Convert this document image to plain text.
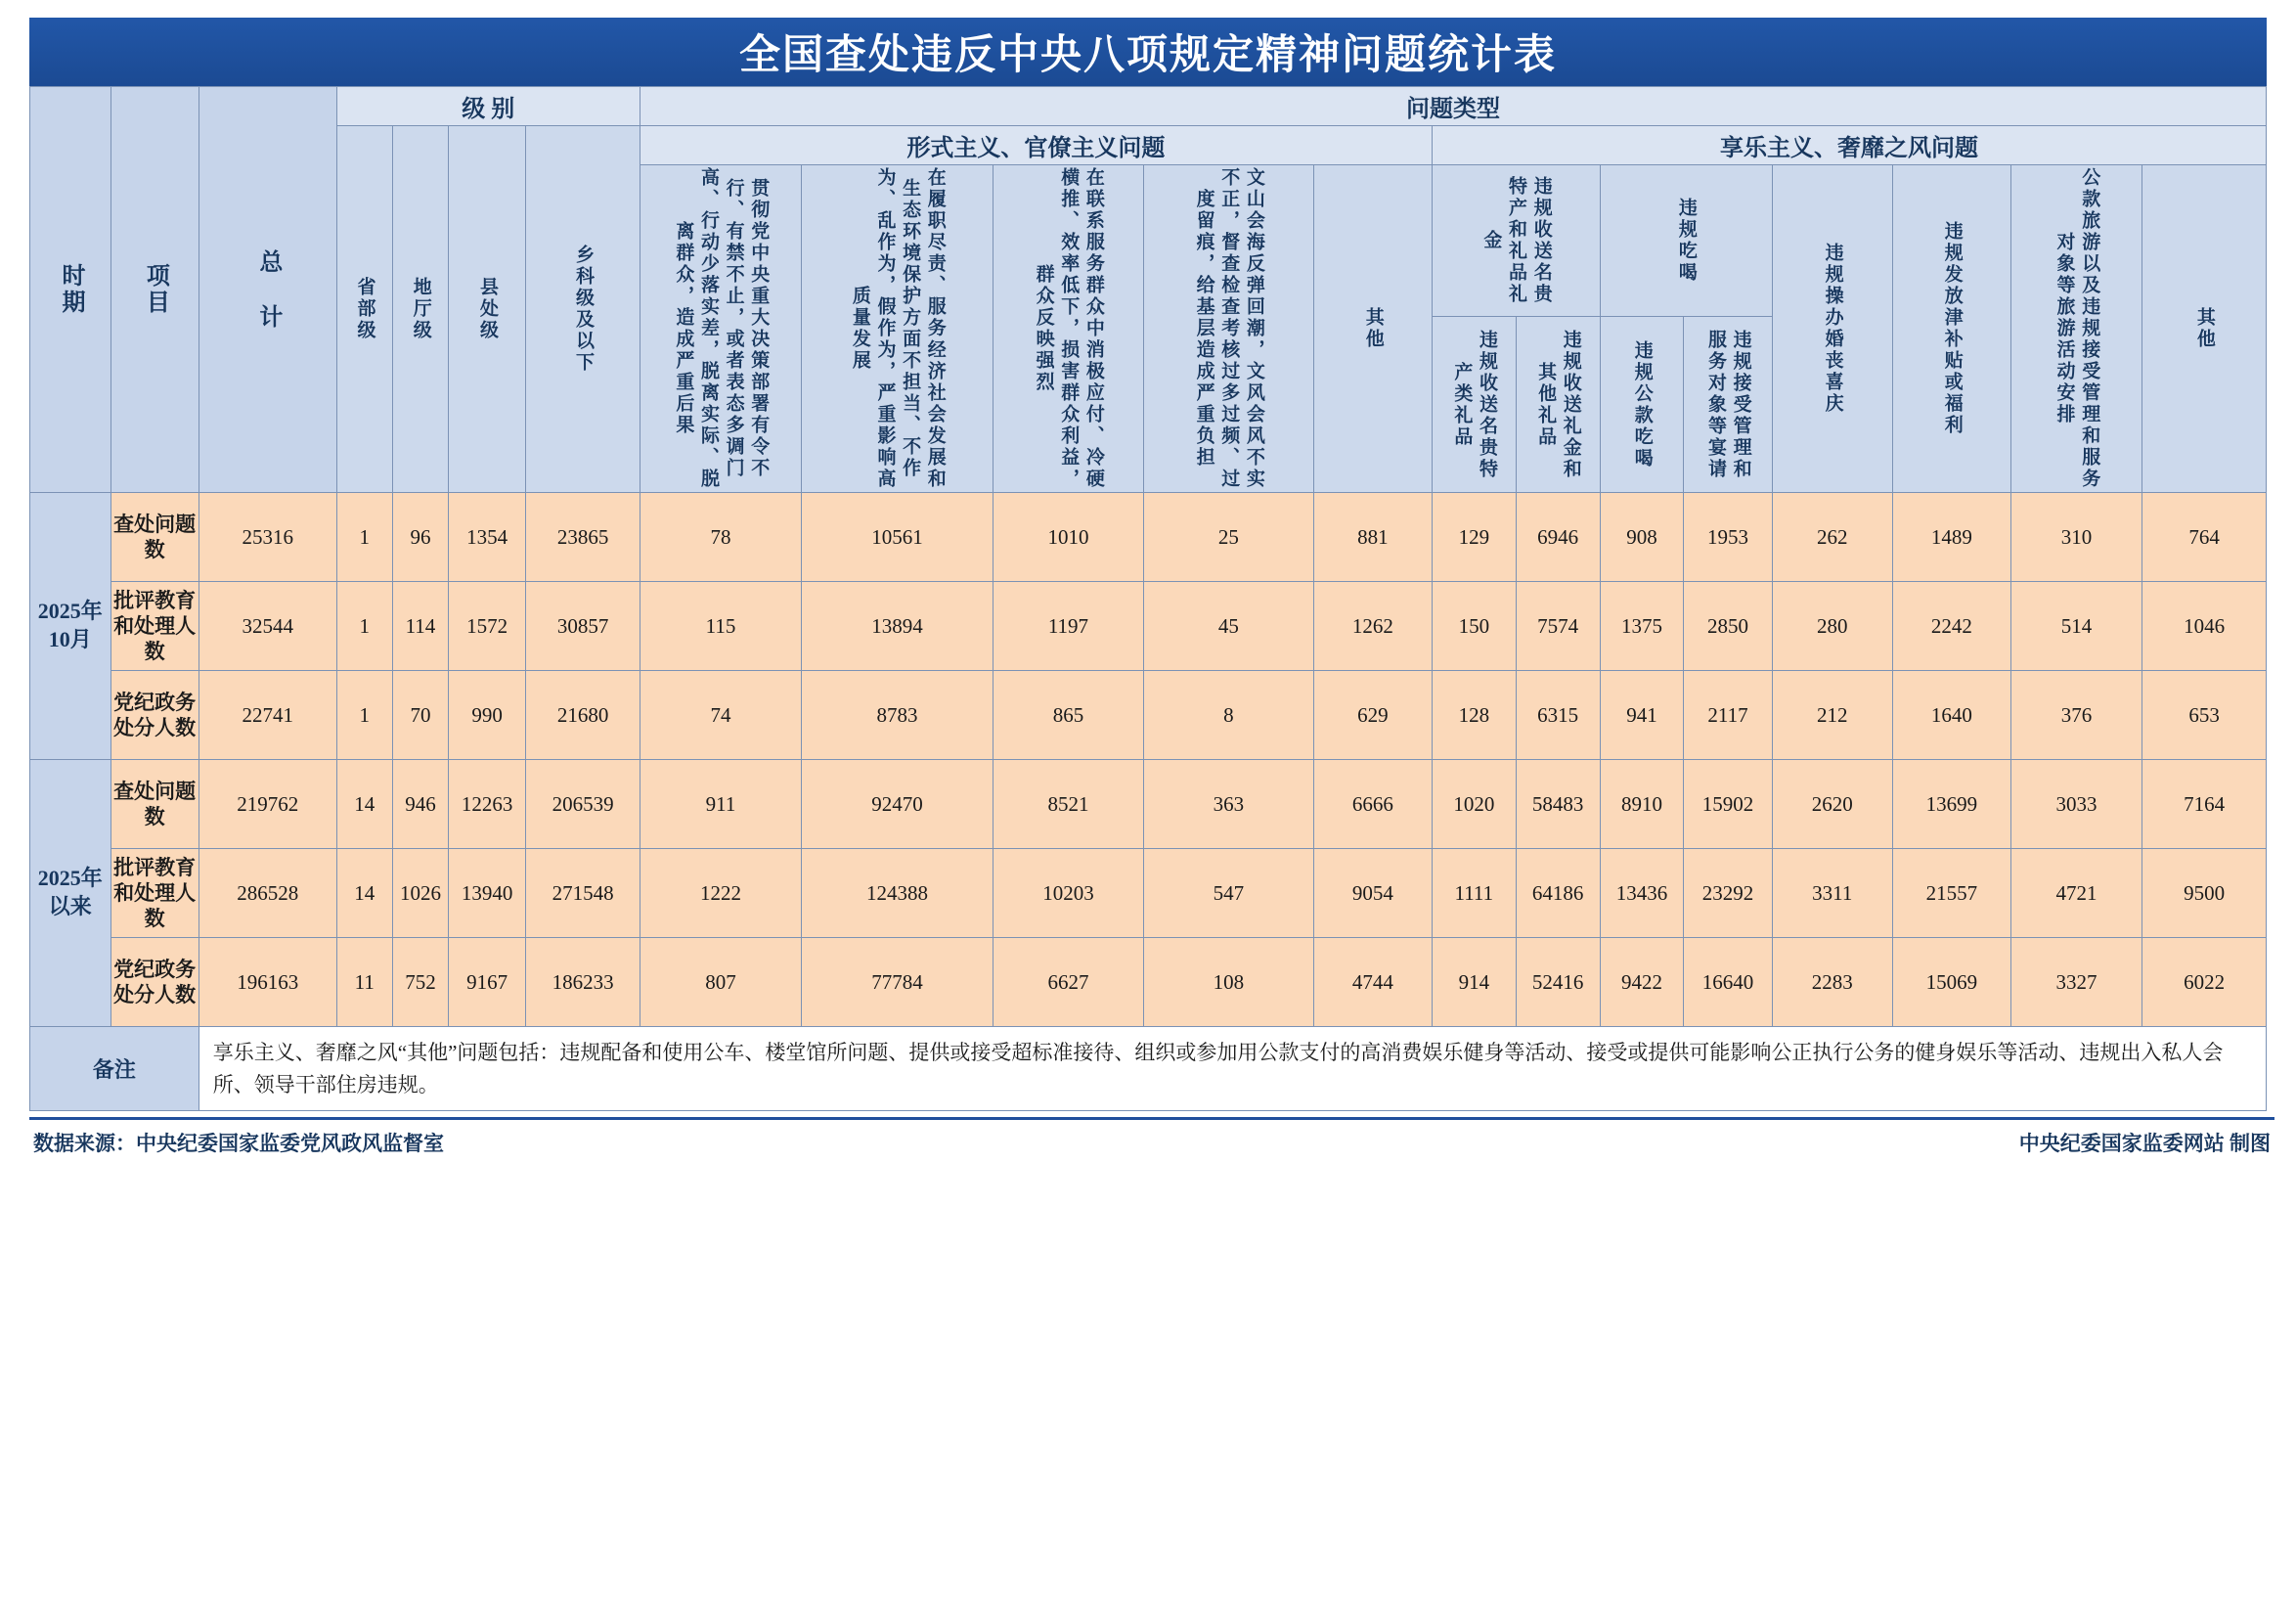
全国查处违反中央八项规定精神问题统计表
时期	项目	总 计	级 别				问题类型												

			省部级	地厅级	县处级	乡科级及以下	形式主义、官僚主义问题					享乐主义、奢靡之风问题							

							贯彻党中央重大决策部署有令不行、有禁不止，或者表态多调门高、行动少落实差，脱离实际、脱离群众，造成严重后果	在履职尽责、服务经济社会发展和生态环境保护方面不担当、不作为、乱作为，假作为，严重影响高质量发展	在联系服务群众中消极应付、冷硬横推、效率低下，损害群众利益，群众反映强烈	文山会海反弹回潮，文风会风不实不正，督查检查考核过多过频、过度留痕，给基层造成严重负担	其他	违规收送名贵特产和礼品礼金		违规吃喝		违规操办婚丧喜庆	违规发放津补贴或福利	公款旅游以及违规接受管理和服务对象等旅游活动安排	其他

												违规收送名贵特产类礼品	违规收送礼金和其他礼品	违规公款吃喝	违规接受管理和服务对象等宴请				

2025年10月	查处问题数	25316	1	96	1354	23865	78	10561	1010	25	881	129	6946	908	1953	262	1489	310	764
	批评教育和处理人数	32544	1	114	1572	30857	115	13894	1197	45	1262	150	7574	1375	2850	280	2242	514	1046
	党纪政务处分人数	22741	1	70	990	21680	74	8783	865	8	629	128	6315	941	2117	212	1640	376	653
2025年以来	查处问题数	219762	14	946	12263	206539	911	92470	8521	363	6666	1020	58483	8910	15902	2620	13699	3033	7164
	批评教育和处理人数	286528	14	1026	13940	271548	1222	124388	10203	547	9054	1111	64186	13436	23292	3311	21557	4721	9500
	党纪政务处分人数	196163	11	752	9167	186233	807	77784	6627	108	4744	914	52416	9422	16640	2283	15069	3327	6022
备注		享乐主义、奢靡之风“其他”问题包括：违规配备和使用公车、楼堂馆所问题、提供或接受超标准接待、组织或参加用公款支付的高消费娱乐健身等活动、接受或提供可能影响公正执行公务的健身娱乐等活动、违规出入私人会所、领导干部住房违规。																	
数据来源：中央纪委国家监委党风政风监督室	中央纪委国家监委网站 制图
